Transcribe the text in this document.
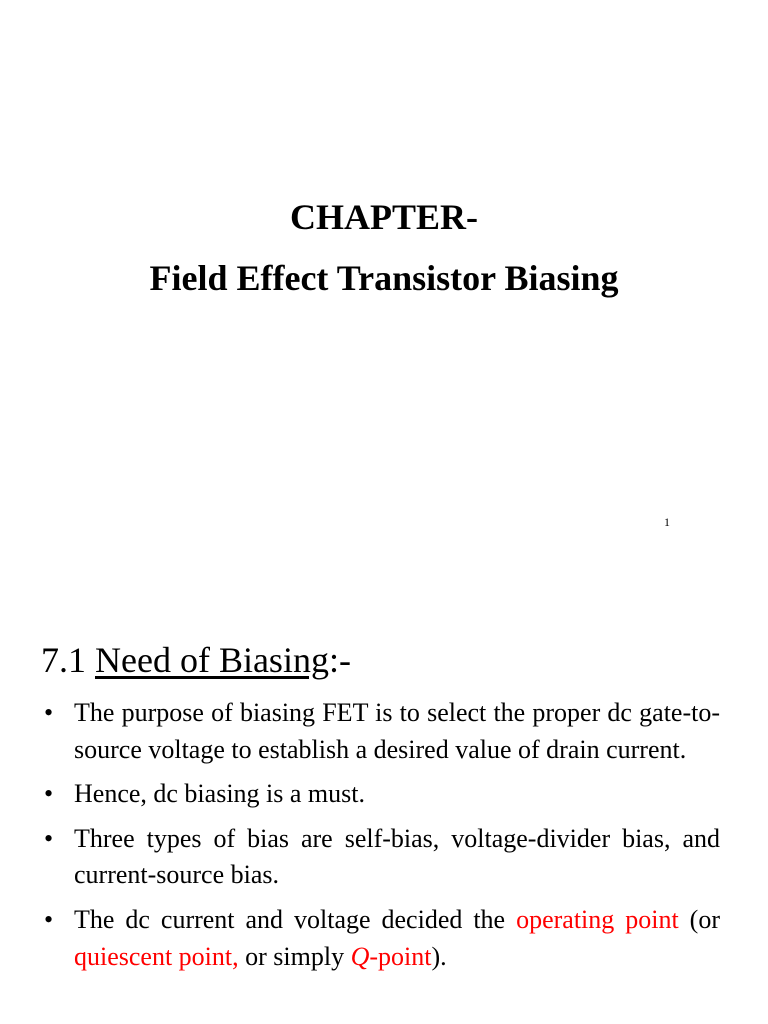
CHAPTER-
Field Effect Transistor Biasing
1
7.1 Need of Biasing:-
• The purpose of biasing FET is to select the proper dc gate-to-source voltage to establish a desired value of drain current.
• Hence, dc biasing is a must.
• Three types of bias are self-bias, voltage-divider bias, and current-source bias.
• The dc current and voltage decided the operating point (or quiescent point, or simply Q-point).
